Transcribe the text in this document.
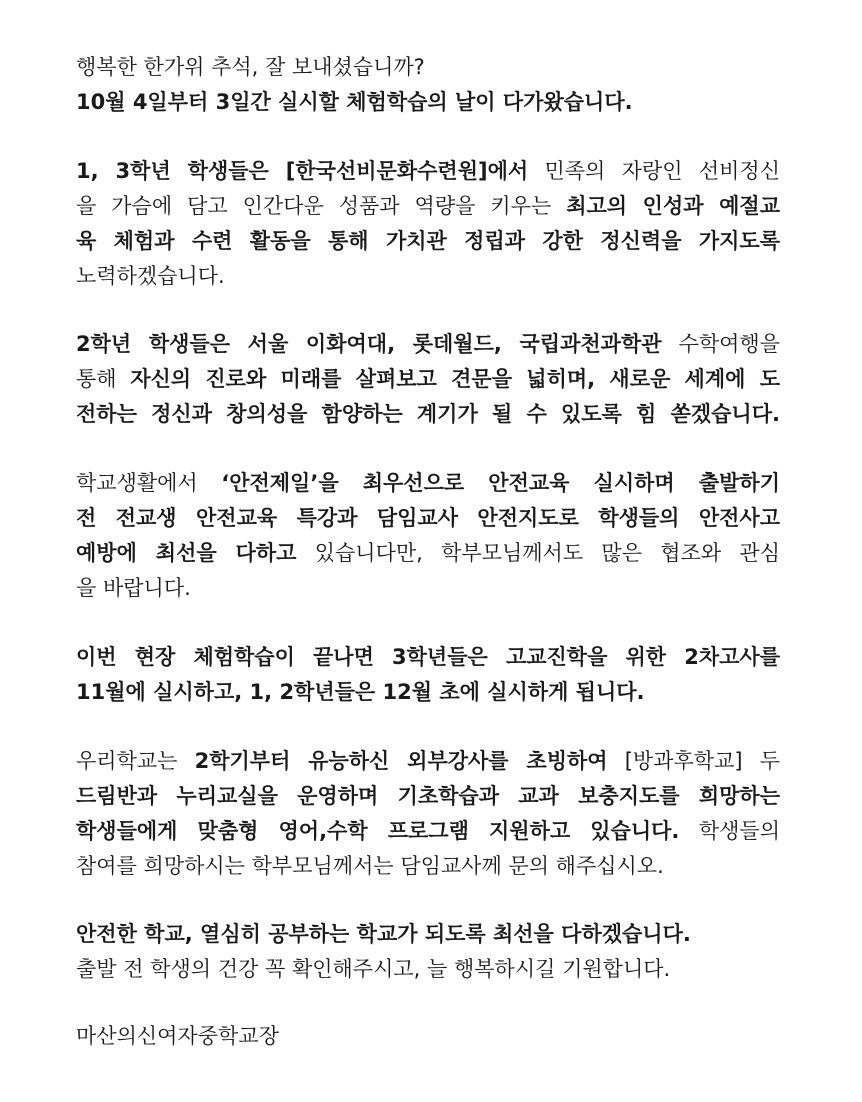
행복한 한가위 추석, 잘 보내셨습니까?
10월 4일부터 3일간 실시할 체험학습의 날이 다가왔습니다.
1, 3학년 학생들은 [한국선비문화수련원]에서 민족의 자랑인 선비정신
을 가슴에 담고 인간다운 성품과 역량을 키우는 최고의 인성과 예절교
육 체험과 수련 활동을 통해 가치관 정립과 강한 정신력을 가지도록
노력하겠습니다.
2학년 학생들은 서울 이화여대, 롯데월드, 국립과천과학관 수학여행을
통해 자신의 진로와 미래를 살펴보고 견문을 넓히며, 새로운 세계에 도
전하는 정신과 창의성을 함양하는 계기가 될 수 있도록 힘 쏟겠습니다.
학교생활에서 ‘안전제일’을 최우선으로 안전교육 실시하며 출발하기
전 전교생 안전교육 특강과 담임교사 안전지도로 학생들의 안전사고
예방에 최선을 다하고 있습니다만, 학부모님께서도 많은 협조와 관심
을 바랍니다.
이번 현장 체험학습이 끝나면 3학년들은 고교진학을 위한 2차고사를
11월에 실시하고, 1, 2학년들은 12월 초에 실시하게 됩니다.
우리학교는 2학기부터 유능하신 외부강사를 초빙하여 [방과후학교] 두
드림반과 누리교실을 운영하며 기초학습과 교과 보충지도를 희망하는
학생들에게 맞춤형 영어,수학 프로그램 지원하고 있습니다. 학생들의
참여를 희망하시는 학부모님께서는 담임교사께 문의 해주십시오.
안전한 학교, 열심히 공부하는 학교가 되도록 최선을 다하겠습니다.
출발 전 학생의 건강 꼭 확인해주시고, 늘 행복하시길 기원합니다.
마산의신여자중학교장
